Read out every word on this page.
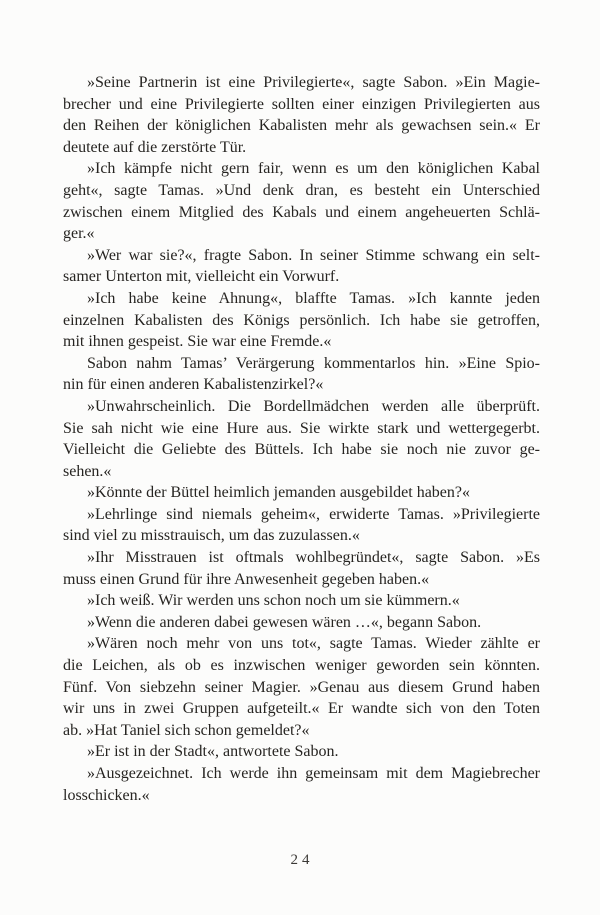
»Seine Partnerin ist eine Privilegierte«, sagte Sabon. »Ein Magie-
brecher und eine Privilegierte sollten einer einzigen Privilegierten aus
den Reihen der königlichen Kabalisten mehr als gewachsen sein.« Er
deutete auf die zerstörte Tür.
»Ich kämpfe nicht gern fair, wenn es um den königlichen Kabal
geht«, sagte Tamas. »Und denk dran, es besteht ein Unterschied
zwischen einem Mitglied des Kabals und einem angeheuerten Schlä-
ger.«
»Wer war sie?«, fragte Sabon. In seiner Stimme schwang ein selt-
samer Unterton mit, vielleicht ein Vorwurf.
»Ich habe keine Ahnung«, blaffte Tamas. »Ich kannte jeden
einzelnen Kabalisten des Königs persönlich. Ich habe sie getroffen,
mit ihnen gespeist. Sie war eine Fremde.«
Sabon nahm Tamas’ Verärgerung kommentarlos hin. »Eine Spio-
nin für einen anderen Kabalistenzirkel?«
»Unwahrscheinlich. Die Bordellmädchen werden alle überprüft.
Sie sah nicht wie eine Hure aus. Sie wirkte stark und wettergegerbt.
Vielleicht die Geliebte des Büttels. Ich habe sie noch nie zuvor ge-
sehen.«
»Könnte der Büttel heimlich jemanden ausgebildet haben?«
»Lehrlinge sind niemals geheim«, erwiderte Tamas. »Privilegierte
sind viel zu misstrauisch, um das zuzulassen.«
»Ihr Misstrauen ist oftmals wohlbegründet«, sagte Sabon. »Es
muss einen Grund für ihre Anwesenheit gegeben haben.«
»Ich weiß. Wir werden uns schon noch um sie kümmern.«
»Wenn die anderen dabei gewesen wären …«, begann Sabon.
»Wären noch mehr von uns tot«, sagte Tamas. Wieder zählte er
die Leichen, als ob es inzwischen weniger geworden sein könnten.
Fünf. Von siebzehn seiner Magier. »Genau aus diesem Grund haben
wir uns in zwei Gruppen aufgeteilt.« Er wandte sich von den Toten
ab. »Hat Taniel sich schon gemeldet?«
»Er ist in der Stadt«, antwortete Sabon.
»Ausgezeichnet. Ich werde ihn gemeinsam mit dem Magiebrecher
losschicken.«
24
